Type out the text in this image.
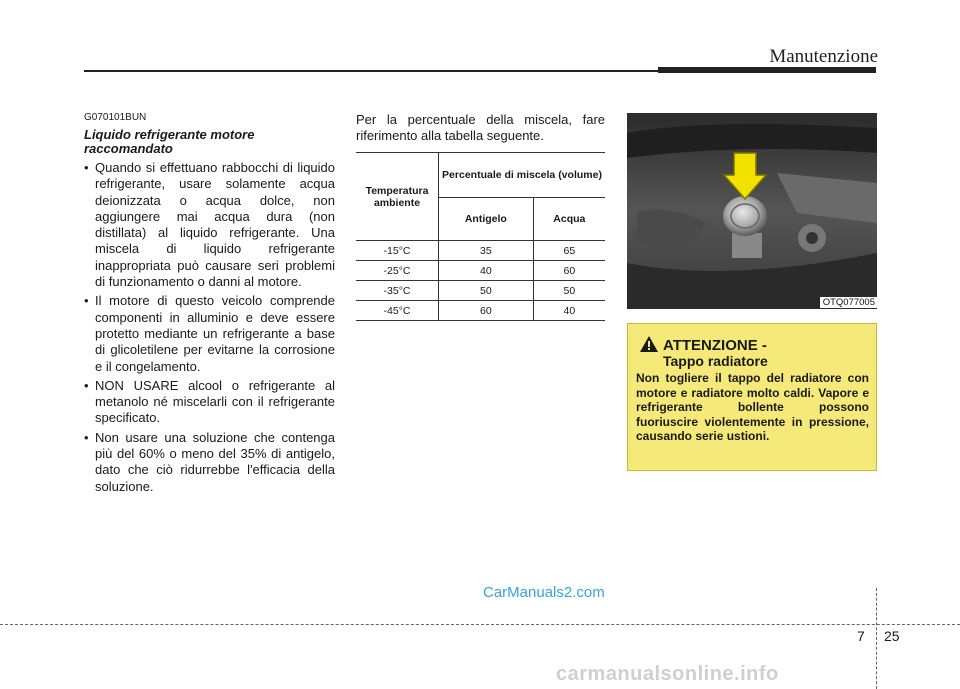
Manutenzione
G070101BUN
Liquido refrigerante motore raccomandato
• Quando si effettuano rabbocchi di liquido refrigerante, usare solamente acqua deionizzata o acqua dolce, non aggiungere mai acqua dura (non distillata) al liquido refrigerante. Una miscela di liquido refrigerante inappropriata può causare seri problemi di funzionamento o danni al motore.
• Il motore di questo veicolo comprende componenti in alluminio e deve essere protetto mediante un refrigerante a base di glicoletilene per evitarne la corrosione e il congelamento.
• NON USARE alcool o refrigerante al metanolo né miscelarli con il refrigerante specificato.
• Non usare una soluzione che contenga più del 60% o meno del 35% di antigelo, dato che ciò ridurrebbe l'efficacia della soluzione.
Per la percentuale della miscela, fare riferimento alla tabella seguente.
Temperatura ambiente	Percentuale di miscela (volume)	
	Antigelo	Acqua
-15°C	35	65
-25°C	40	60
-35°C	50	50
-45°C	60	40
OTQ077005
ATTENZIONE -
Tappo radiatore
Non togliere il tappo del radiatore con motore e radiatore molto caldi. Vapore e refrigerante bollente possono fuoriuscire violentemente in pressione, causando serie ustioni.
CarManuals2.com
7 25
carmanualsonline.info
